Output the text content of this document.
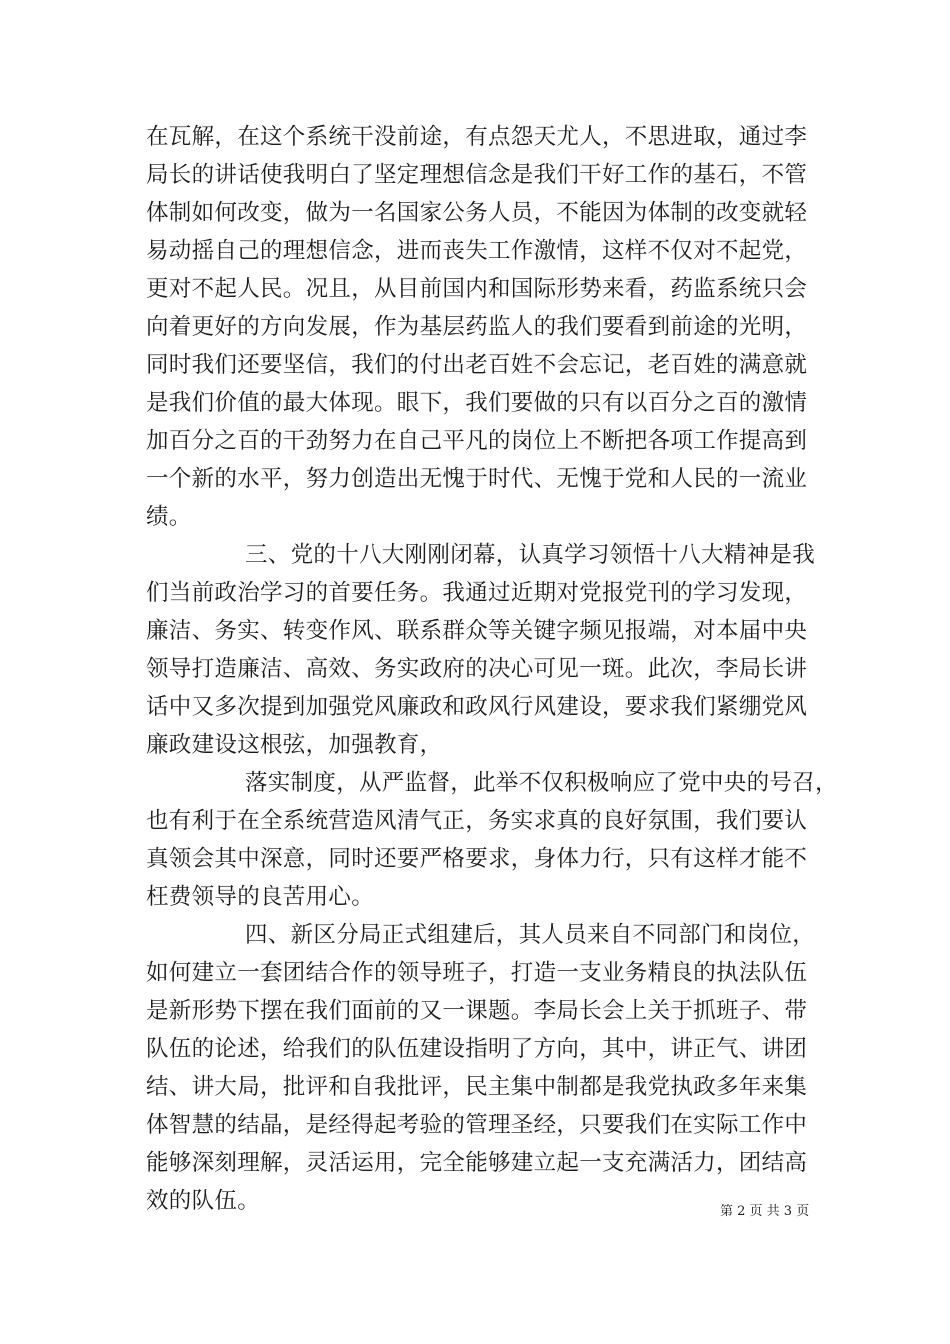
在瓦解，在这个系统干没前途，有点怨天尤人，不思进取，通过李
局长的讲话使我明白了坚定理想信念是我们干好工作的基石，不管
体制如何改变，做为一名国家公务人员，不能因为体制的改变就轻
易动摇自己的理想信念，进而丧失工作激情，这样不仅对不起党，
更对不起人民。况且，从目前国内和国际形势来看，药监系统只会
向着更好的方向发展，作为基层药监人的我们要看到前途的光明，
同时我们还要坚信，我们的付出老百姓不会忘记，老百姓的满意就
是我们价值的最大体现。眼下，我们要做的只有以百分之百的激情
加百分之百的干劲努力在自己平凡的岗位上不断把各项工作提高到
一个新的水平，努力创造出无愧于时代、无愧于党和人民的一流业
绩。
三、党的十八大刚刚闭幕，认真学习领悟十八大精神是我
们当前政治学习的首要任务。我通过近期对党报党刊的学习发现，
廉洁、务实、转变作风、联系群众等关键字频见报端，对本届中央
领导打造廉洁、高效、务实政府的决心可见一斑。此次，李局长讲
话中又多次提到加强党风廉政和政风行风建设，要求我们紧绷党风
廉政建设这根弦，加强教育，
落实制度，从严监督，此举不仅积极响应了党中央的号召，
也有利于在全系统营造风清气正，务实求真的良好氛围，我们要认
真领会其中深意，同时还要严格要求，身体力行，只有这样才能不
枉费领导的良苦用心。
四、新区分局正式组建后，其人员来自不同部门和岗位，
如何建立一套团结合作的领导班子，打造一支业务精良的执法队伍
是新形势下摆在我们面前的又一课题。李局长会上关于抓班子、带
队伍的论述，给我们的队伍建设指明了方向，其中，讲正气、讲团
结、讲大局，批评和自我批评，民主集中制都是我党执政多年来集
体智慧的结晶，是经得起考验的管理圣经，只要我们在实际工作中
能够深刻理解，灵活运用，完全能够建立起一支充满活力，团结高
效的队伍。	第 2 页 共 3 页
